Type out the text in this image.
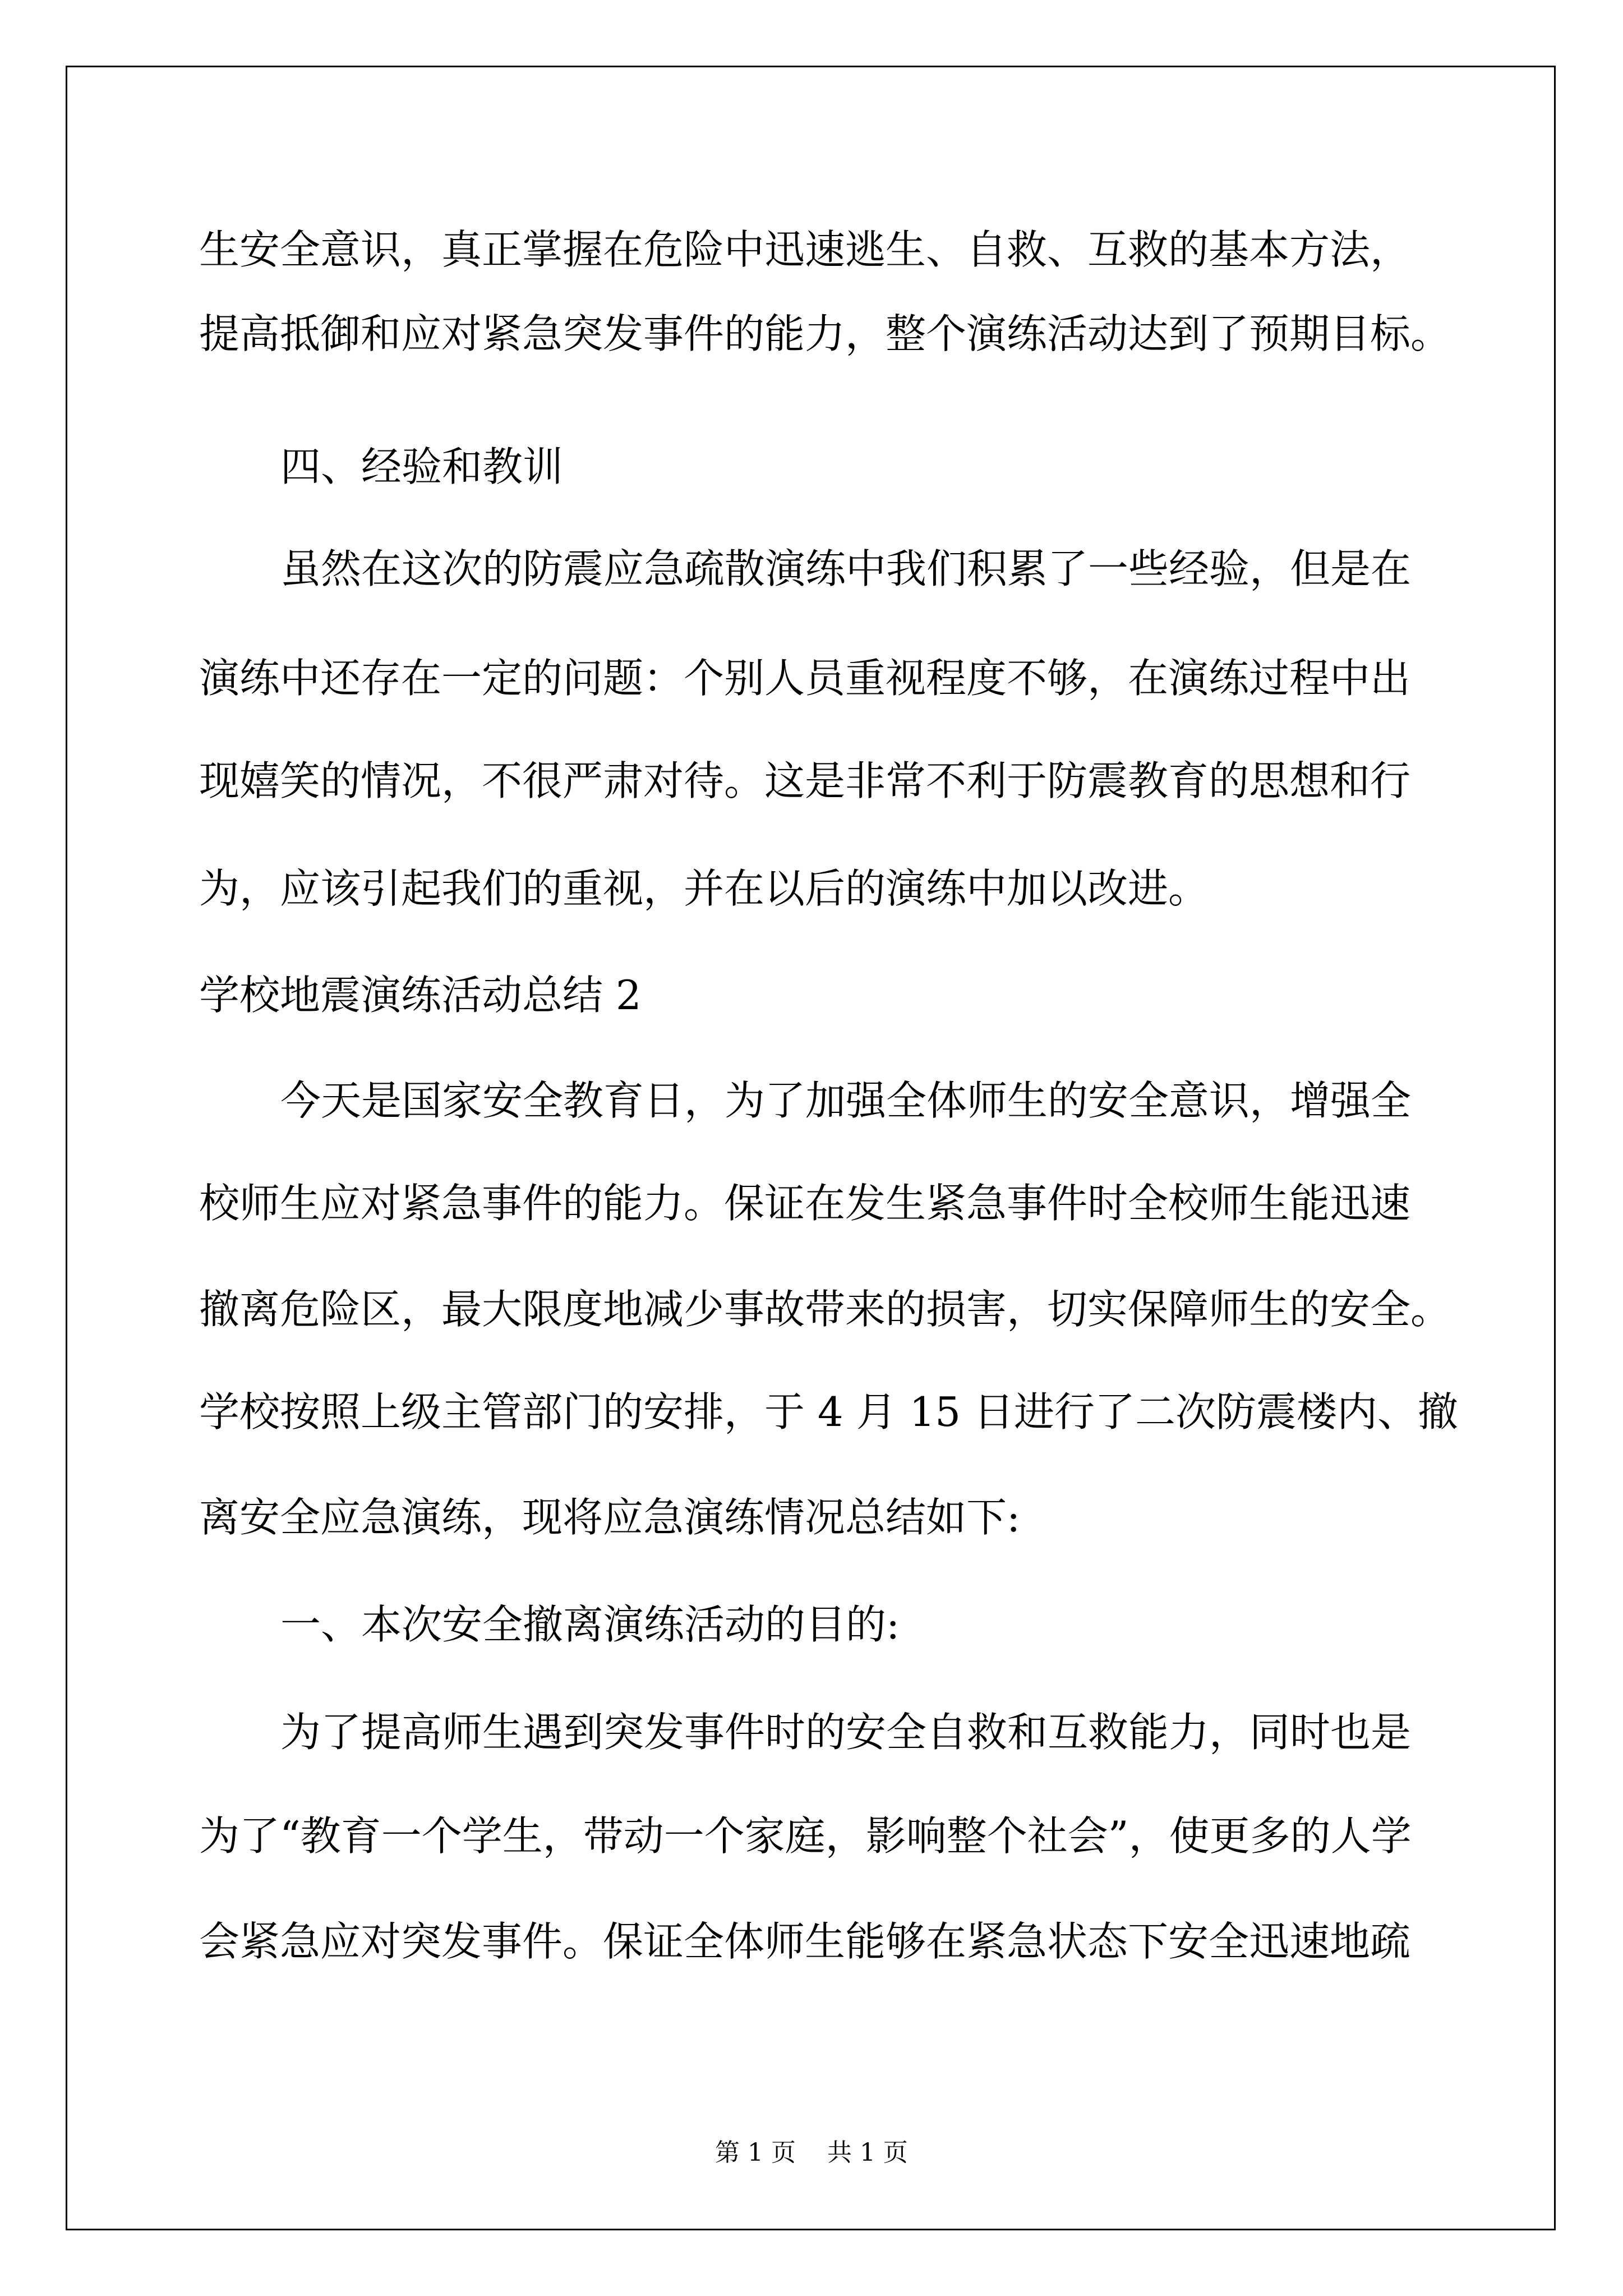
生安全意识，真正掌握在危险中迅速逃生、自救、互救的基本方法，

提高抵御和应对紧急突发事件的能力，整个演练活动达到了预期目标。

四、经验和教训

虽然在这次的防震应急疏散演练中我们积累了一些经验，但是在

演练中还存在一定的问题：个别人员重视程度不够，在演练过程中出

现嬉笑的情况，不很严肃对待。这是非常不利于防震教育的思想和行

为，应该引起我们的重视，并在以后的演练中加以改进。

学校地震演练活动总结 2

今天是国家安全教育日，为了加强全体师生的安全意识，增强全

校师生应对紧急事件的能力。保证在发生紧急事件时全校师生能迅速

撤离危险区，最大限度地减少事故带来的损害，切实保障师生的安全。

学校按照上级主管部门的安排，于 4 月 15 日进行了二次防震楼内、撤

离安全应急演练，现将应急演练情况总结如下:

一、本次安全撤离演练活动的目的:

为了提高师生遇到突发事件时的安全自救和互救能力，同时也是

为了“教育一个学生，带动一个家庭，影响整个社会”，使更多的人学

会紧急应对突发事件。保证全体师生能够在紧急状态下安全迅速地疏

第 1 页    共 1 页
